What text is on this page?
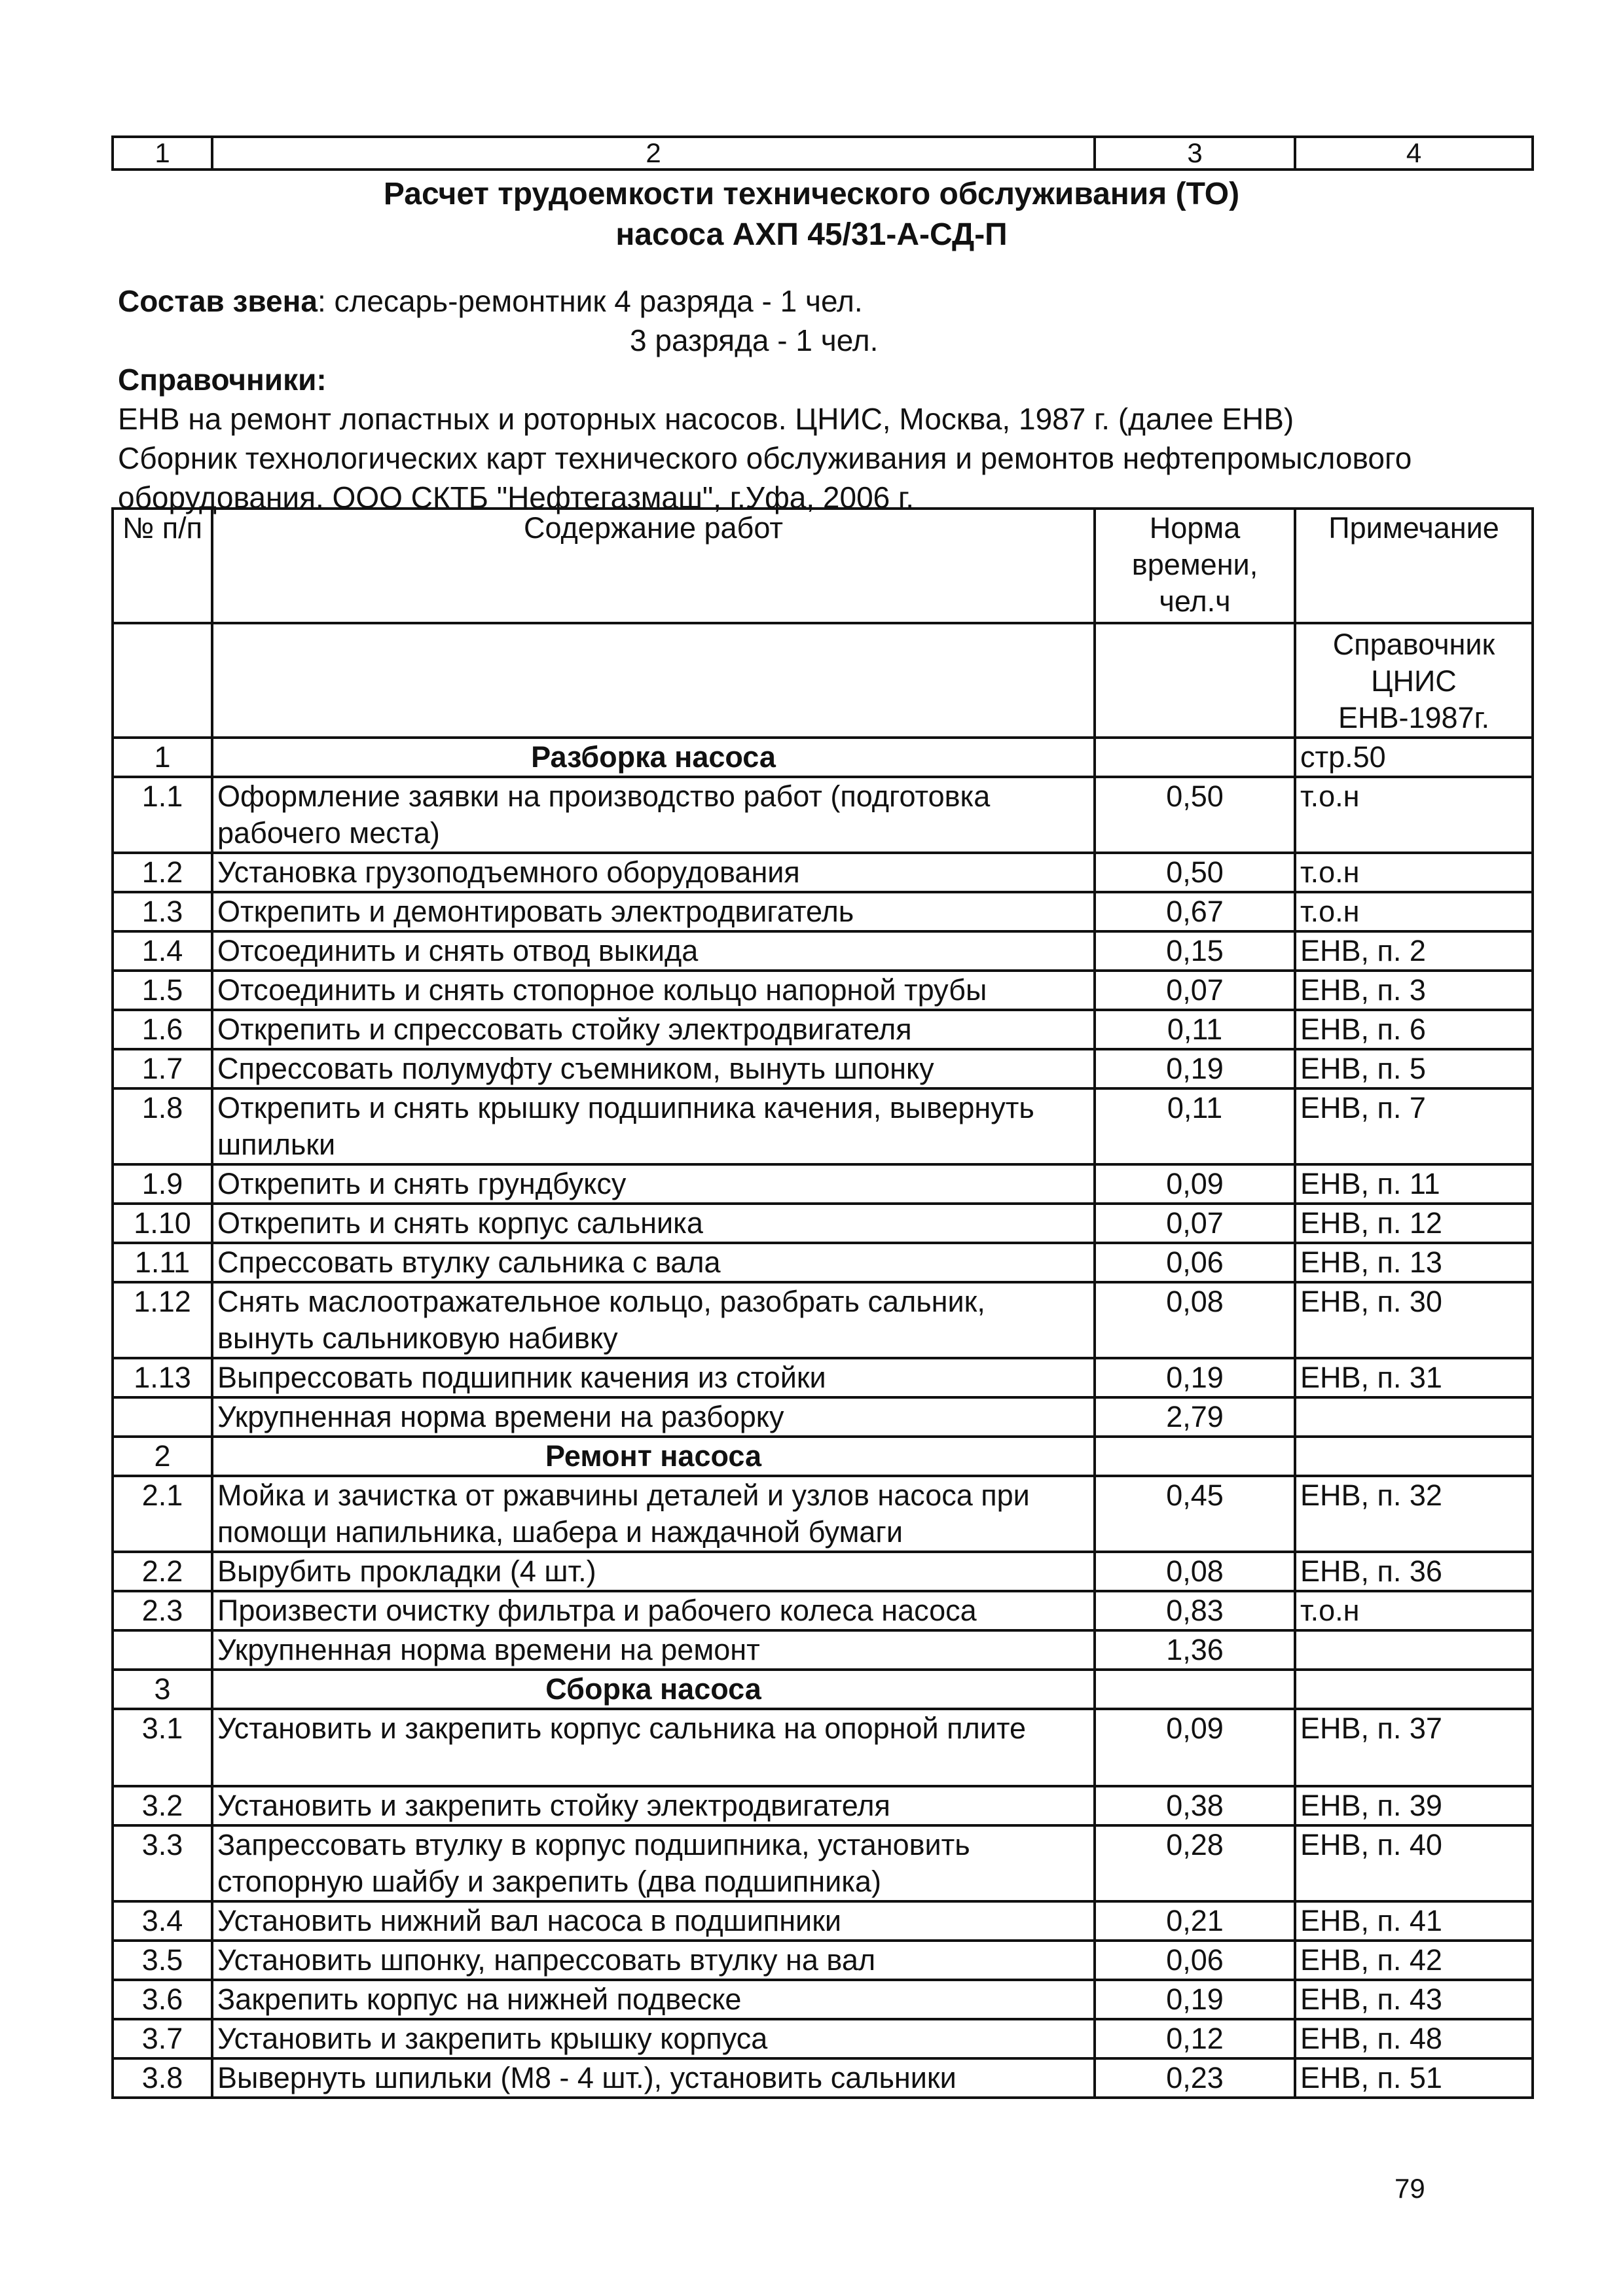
1	2	3	4
Расчет трудоемкости технического обслуживания (ТО)
насоса АХП 45/31-А-СД-П
Состав звена: слесарь-ремонтник 4 разряда - 1 чел.
3 разряда - 1 чел.
Справочники:
ЕНВ на ремонт лопастных и роторных насосов. ЦНИС, Москва, 1987 г. (далее ЕНВ)
Сборник технологических карт технического обслуживания и ремонтов нефтепромыслового
оборудования. ООО СКТБ "Нефтегазмаш", г.Уфа, 2006 г.
№ п/п	Содержание работ	Норма времени, чел.ч	Примечание
			Справочник ЦНИС ЕНВ-1987г.
1	Разборка насоса		стр.50
1.1	Оформление заявки на производство работ (подготовка рабочего места)	0,50	т.о.н
1.2	Установка грузоподъемного оборудования	0,50	т.о.н
1.3	Открепить и демонтировать электродвигатель	0,67	т.о.н
1.4	Отсоединить и снять отвод выкида	0,15	ЕНВ, п. 2
1.5	Отсоединить и снять стопорное кольцо напорной трубы	0,07	ЕНВ, п. 3
1.6	Открепить и спрессовать стойку электродвигателя	0,11	ЕНВ, п. 6
1.7	Спрессовать полумуфту съемником, вынуть шпонку	0,19	ЕНВ, п. 5
1.8	Открепить и снять крышку подшипника качения, вывернуть шпильки	0,11	ЕНВ, п. 7
1.9	Открепить и снять грундбуксу	0,09	ЕНВ, п. 11
1.10	Открепить и снять корпус сальника	0,07	ЕНВ, п. 12
1.11	Спрессовать втулку сальника с вала	0,06	ЕНВ, п. 13
1.12	Снять маслоотражательное кольцо, разобрать сальник, вынуть сальниковую набивку	0,08	ЕНВ, п. 30
1.13	Выпрессовать подшипник качения из стойки	0,19	ЕНВ, п. 31
	Укрупненная норма времени на разборку	2,79	
2	Ремонт насоса		
2.1	Мойка и зачистка от ржавчины деталей и узлов насоса при помощи напильника, шабера и наждачной бумаги	0,45	ЕНВ, п. 32
2.2	Вырубить прокладки (4 шт.)	0,08	ЕНВ, п. 36
2.3	Произвести очистку фильтра и рабочего колеса насоса	0,83	т.о.н
	Укрупненная норма времени на ремонт	1,36	
3	Сборка насоса		
3.1	Установить и закрепить корпус сальника на опорной плите	0,09	ЕНВ, п. 37
3.2	Установить и закрепить стойку электродвигателя	0,38	ЕНВ, п. 39
3.3	Запрессовать втулку в корпус подшипника, установить стопорную шайбу и закрепить (два подшипника)	0,28	ЕНВ, п. 40
3.4	Установить нижний вал насоса в подшипники	0,21	ЕНВ, п. 41
3.5	Установить шпонку, напрессовать втулку на вал	0,06	ЕНВ, п. 42
3.6	Закрепить корпус на нижней подвеске	0,19	ЕНВ, п. 43
3.7	Установить и закрепить крышку корпуса	0,12	ЕНВ, п. 48
3.8	Вывернуть шпильки (М8 - 4 шт.), установить сальники	0,23	ЕНВ, п. 51
79
